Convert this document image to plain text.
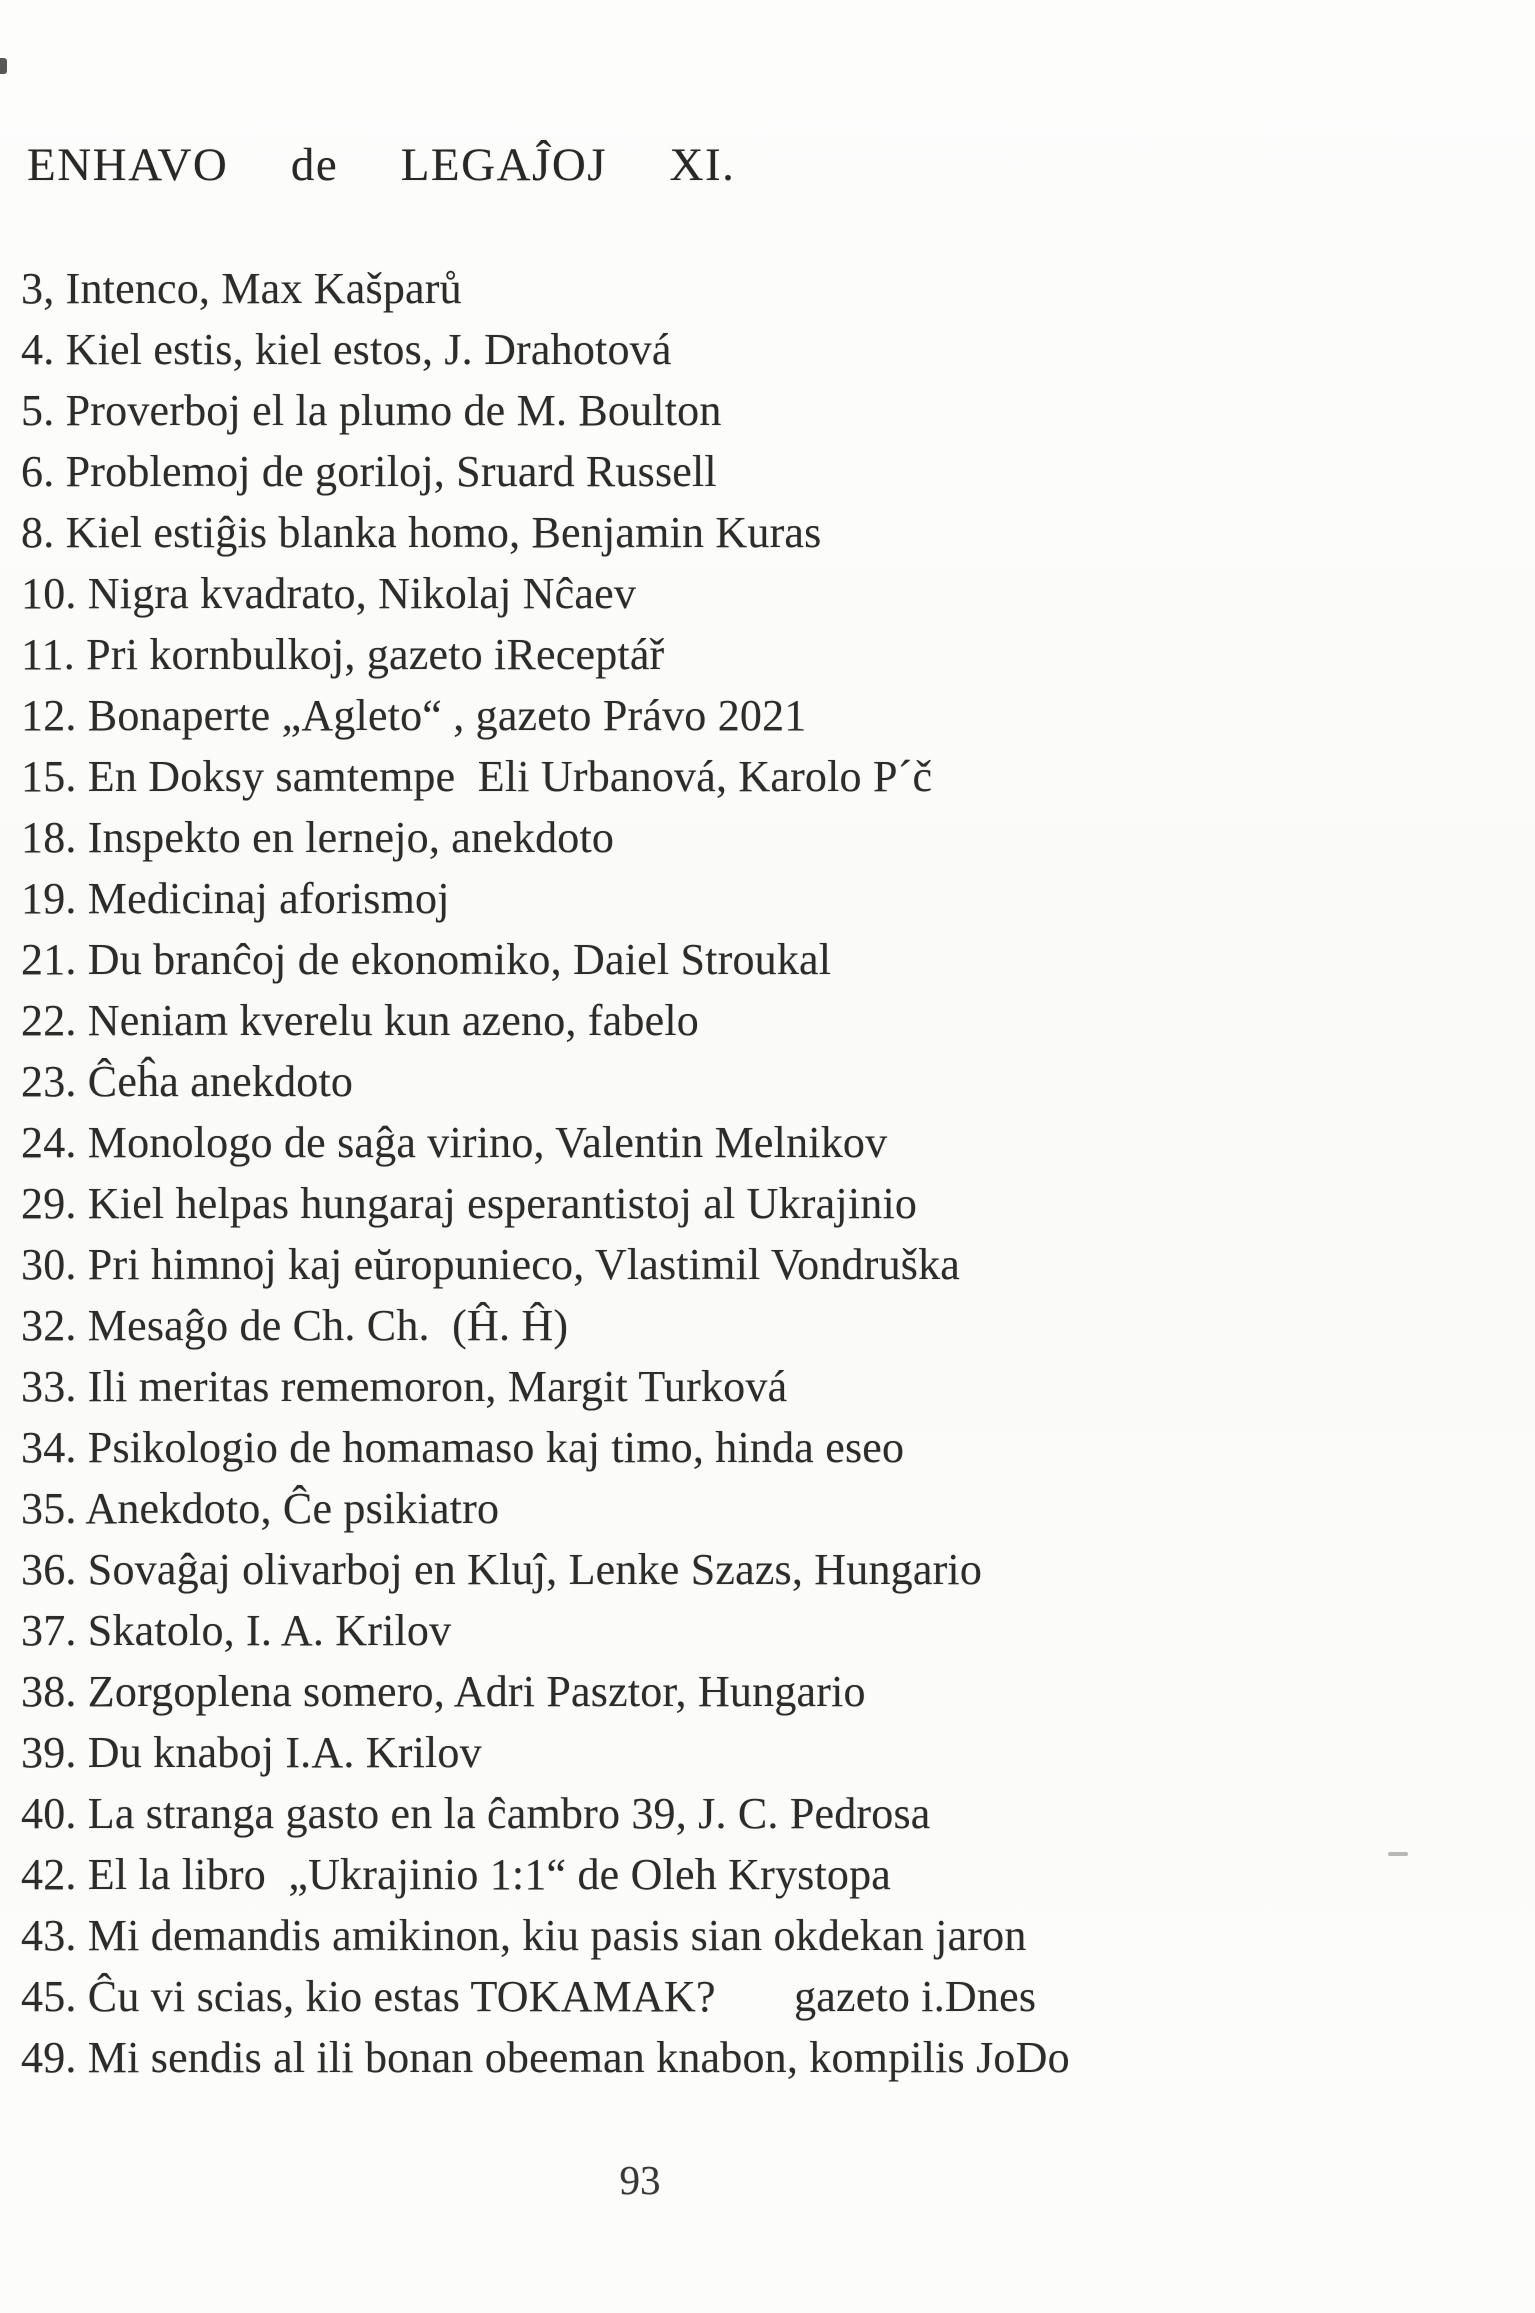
ENHAVO  de  LEGAĴOJ  XI.
3, Intenco, Max Kašparů
4. Kiel estis, kiel estos, J. Drahotová
5. Proverboj el la plumo de M. Boulton
6. Problemoj de goriloj, Sruard Russell
8. Kiel estiĝis blanka homo, Benjamin Kuras
10. Nigra kvadrato, Nikolaj Nĉaev
11. Pri kornbulkoj, gazeto iReceptář
12. Bonaperte „Agleto“ , gazeto Právo 2021
15. En Doksy samtempe  Eli Urbanová, Karolo P´č
18. Inspekto en lernejo, anekdoto
19. Medicinaj aforismoj
21. Du branĉoj de ekonomiko, Daiel Stroukal
22. Neniam kverelu kun azeno, fabelo
23. Ĉeĥa anekdoto
24. Monologo de saĝa virino, Valentin Melnikov
29. Kiel helpas hungaraj esperantistoj al Ukrajinio
30. Pri himnoj kaj eŭropunieco, Vlastimil Vondruška
32. Mesaĝo de Ch. Ch.  (Ĥ. Ĥ)
33. Ili meritas rememoron, Margit Turková
34. Psikologio de homamaso kaj timo, hinda eseo
35. Anekdoto, Ĉe psikiatro
36. Sovaĝaj olivarboj en Kluĵ, Lenke Szazs, Hungario
37. Skatolo, I. A. Krilov
38. Zorgoplena somero, Adri Pasztor, Hungario
39. Du knaboj I.A. Krilov
40. La stranga gasto en la ĉambro 39, J. C. Pedrosa
42. El la libro  „Ukrajinio 1:1“ de Oleh Krystopa
43. Mi demandis amikinon, kiu pasis sian okdekan jaron
45. Ĉu vi scias, kio estas TOKAMAK?       gazeto i.Dnes
49. Mi sendis al ili bonan obeeman knabon, kompilis JoDo
93
